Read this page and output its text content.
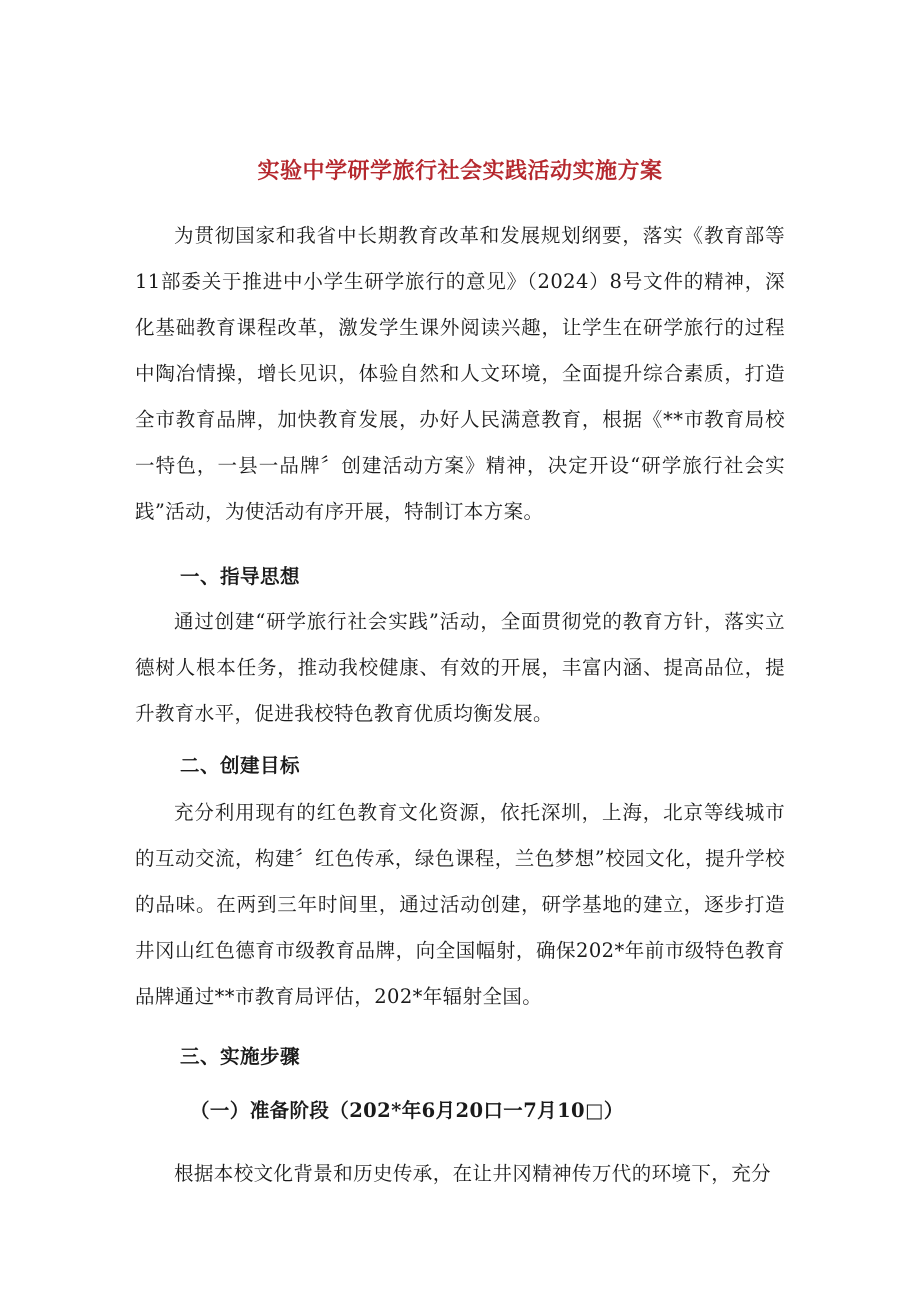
实验中学研学旅行社会实践活动实施方案

为贯彻国家和我省中长期教育改革和发展规划纲要，落实《教育部等11部委关于推进中小学生研学旅行的意见》（2024）8号文件的精神，深化基础教育课程改革，激发学生课外阅读兴趣，让学生在研学旅行的过程中陶冶情操，增长见识，体验自然和人文环境，全面提升综合素质，打造全市教育品牌，加快教育发展，办好人民满意教育，根据《**市教育局校一特色，一县一品牌〞创建活动方案》精神，决定开设“研学旅行社会实践”活动，为使活动有序开展，特制订本方案。

一、指导思想

通过创建“研学旅行社会实践”活动，全面贯彻党的教育方针，落实立德树人根本任务，推动我校健康、有效的开展，丰富内涵、提高品位，提升教育水平，促进我校特色教育优质均衡发展。

二、创建目标

充分利用现有的红色教育文化资源，依托深圳，上海，北京等线城市的互动交流，构建〞红色传承，绿色课程，兰色梦想”校园文化，提升学校的品味。在两到三年时间里，通过活动创建，研学基地的建立，逐步打造井冈山红色德育市级教育品牌，向全国幅射，确保202*年前市级特色教育品牌通过**市教育局评估，202*年辐射全国。

三、实施步骤
（一）准备阶段（202*年6月20口一7月10□）

根据本校文化背景和历史传承，在让井冈精神传万代的环境下，充分
